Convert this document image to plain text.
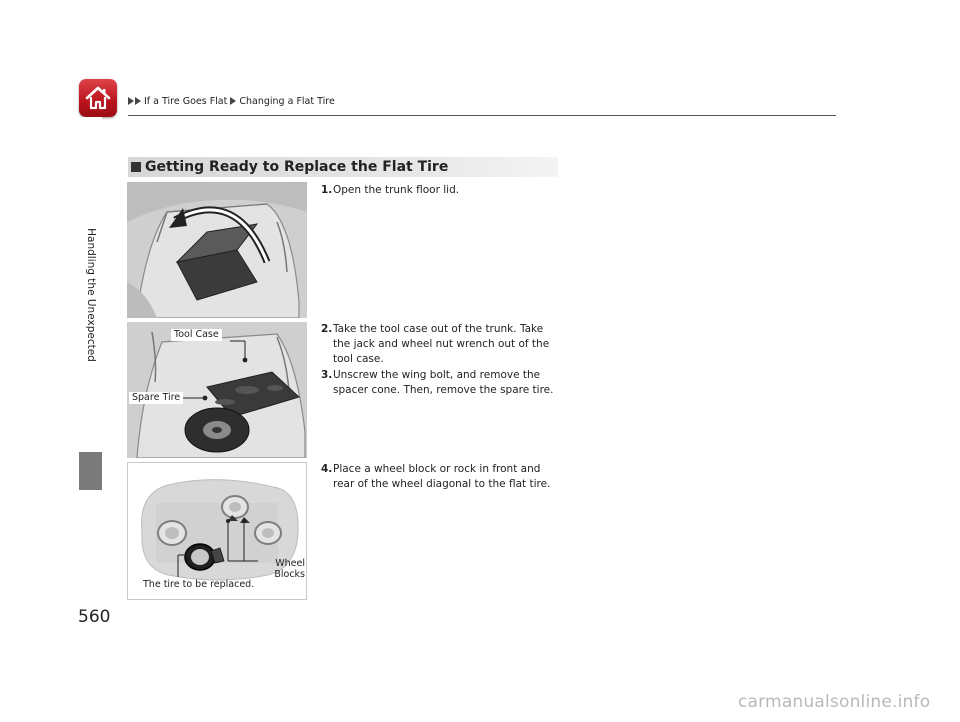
If a Tire Goes Flat Changing a Flat Tire
Handling the Unexpected
560
Getting Ready to Replace the Flat Tire
Tool Case
Spare Tire
Wheel Blocks
The tire to be replaced.
1. Open the trunk floor lid.
2. Take the tool case out of the trunk. Take the jack and wheel nut wrench out of the tool case.
3. Unscrew the wing bolt, and remove the spacer cone. Then, remove the spare tire.
4. Place a wheel block or rock in front and rear of the wheel diagonal to the flat tire.
carmanualsonline.info
